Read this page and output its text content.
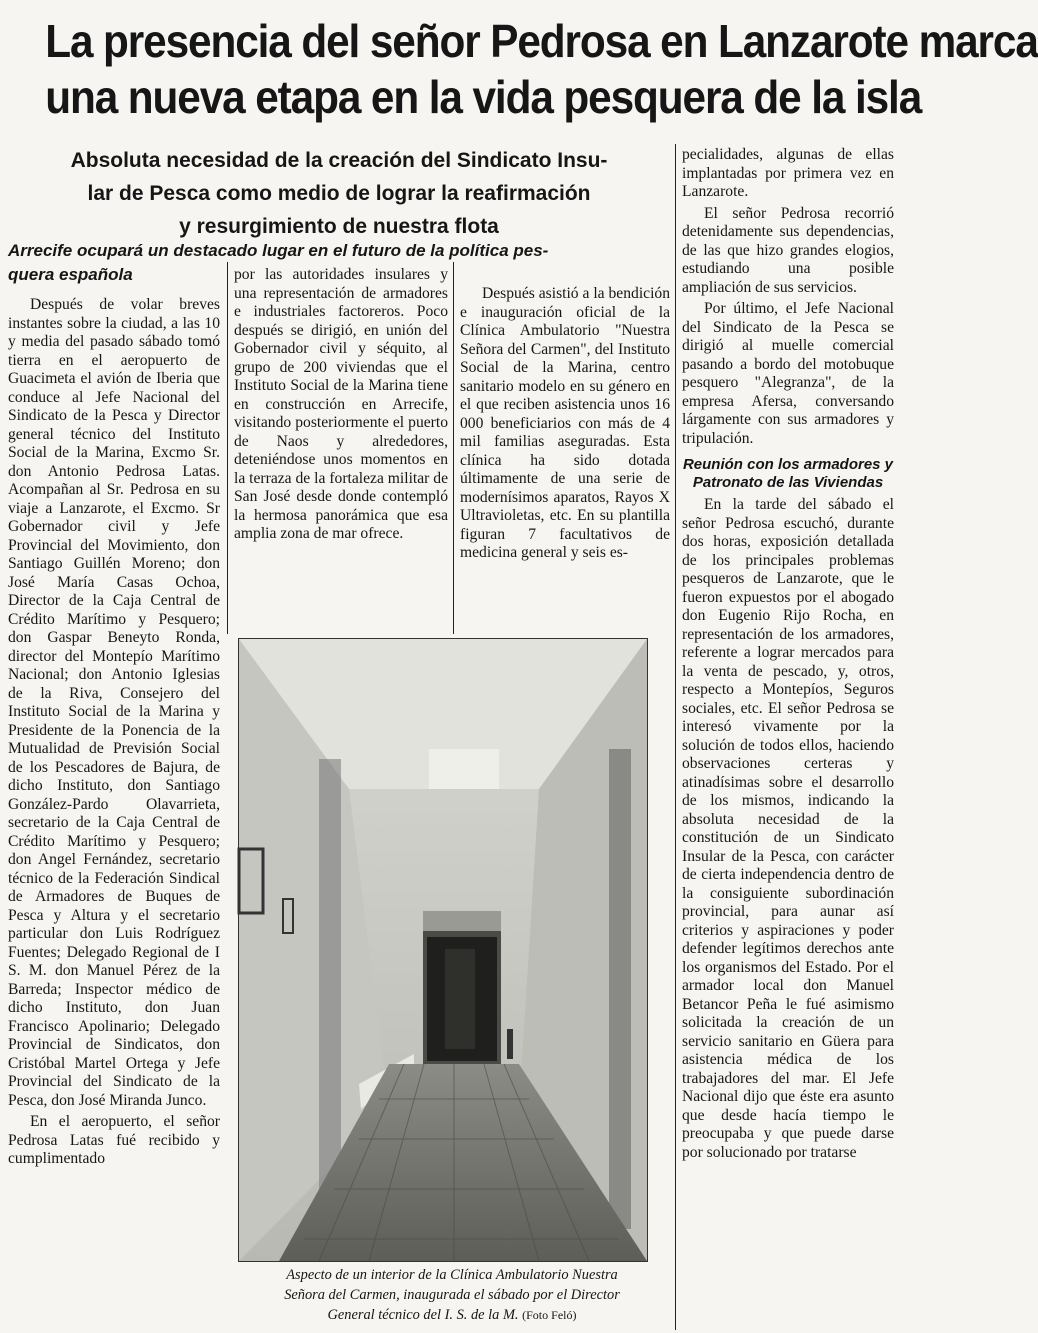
La presencia del señor Pedrosa en Lanzarote marca
una nueva etapa en la vida pesquera de la isla
Absoluta necesidad de la creación del Sindicato Insu-
lar de Pesca como medio de lograr la reafirmación
y resurgimiento de nuestra flota
Arrecife ocupará un destacado lugar en el futuro de la política pes-
quera española

Después de volar breves instantes sobre la ciudad, a las 10 y media del pasado sábado tomó tierra en el aeropuerto de Guacimeta el avión de Iberia que conduce al Jefe Nacional del Sindicato de la Pesca y Director general técnico del Instituto Social de la Marina, Excmo Sr. don Antonio Pedrosa Latas. Acompañan al Sr. Pedrosa en su viaje a Lanzarote, el Excmo. Sr Gobernador civil y Jefe Provincial del Movimiento, don Santiago Guillén Moreno; don José María Casas Ochoa, Director de la Caja Central de Crédito Marítimo y Pesquero; don Gaspar Beneyto Ronda, director del Montepío Marítimo Nacional; don Antonio Iglesias de la Riva, Consejero del Instituto Social de la Marina y Presidente de la Ponencia de la Mutualidad de Previsión Social de los Pescadores de Bajura, de dicho Instituto, don Santiago González-Pardo Olavarrieta, secretario de la Caja Central de Crédito Marítimo y Pesquero; don Angel Fernández, secretario técnico de la Federación Sindical de Armadores de Buques de Pesca y Altura y el secretario particular don Luis Rodríguez Fuentes; Delegado Regional de I S. M. don Manuel Pérez de la Barreda; Inspector médico de dicho Instituto, don Juan Francisco Apolinario; Delegado Provincial de Sindicatos, don Cristóbal Martel Ortega y Jefe Provincial del Sindicato de la Pesca, don José Miranda Junco.

En el aeropuerto, el señor Pedrosa Latas fué recibido y cumplimentado

por las autoridades insulares y una representación de armadores e industriales factoreros. Poco después se dirigió, en unión del Gobernador civil y séquito, al grupo de 200 viviendas que el Instituto Social de la Marina tiene en construcción en Arrecife, visitando posteriormente el puerto de Naos y alrededores, deteniéndose unos momentos en la terraza de la fortaleza militar de San José desde donde contempló la hermosa panorámica que esa amplia zona de mar ofrece.

Después asistió a la bendición e inauguración oficial de la Clínica Ambulatorio "Nuestra Señora del Carmen", del Instituto Social de la Marina, centro sanitario modelo en su género en el que reciben asistencia unos 16 000 beneficiarios con más de 4 mil familias aseguradas. Esta clínica ha sido dotada últimamente de una serie de modernísimos aparatos, Rayos X Ultravioletas, etc. En su plantilla figuran 7 facultativos de medicina general y seis es-

pecialidades, algunas de ellas implantadas por primera vez en Lanzarote.

El señor Pedrosa recorrió detenidamente sus dependencias, de las que hizo grandes elogios, estudiando una posible ampliación de sus servicios.

Por último, el Jefe Nacional del Sindicato de la Pesca se dirigió al muelle comercial pasando a bordo del motobuque pesquero "Alegranza", de la empresa Afersa, conversando lárgamente con sus armadores y tripulación.

Reunión con los armadores y Patronato de las Viviendas

En la tarde del sábado el señor Pedrosa escuchó, durante dos horas, exposición detallada de los principales problemas pesqueros de Lanzarote, que le fueron expuestos por el abogado don Eugenio Rijo Rocha, en representación de los armadores, referente a lograr mercados para la venta de pescado, y, otros, respecto a Montepíos, Seguros sociales, etc. El señor Pedrosa se interesó vivamente por la solución de todos ellos, haciendo observaciones certeras y atinadísimas sobre el desarrollo de los mismos, indicando la absoluta necesidad de la constitución de un Sindicato Insular de la Pesca, con carácter de cierta independencia dentro de la consiguiente subordinación provincial, para aunar así criterios y aspiraciones y poder defender legítimos derechos ante los organismos del Estado. Por el armador local don Manuel Betancor Peña le fué asimismo solicitada la creación de un servicio sanitario en Güera para asistencia médica de los trabajadores del mar. El Jefe Nacional dijo que éste era asunto que desde hacía tiempo le preocupaba y que puede darse por solucionado por tratarse

Aspecto de un interior de la Clínica Ambulatorio Nuestra
Señora del Carmen, inaugurada el sábado por el Director
General técnico del I. S. de la M. (Foto Feló)
